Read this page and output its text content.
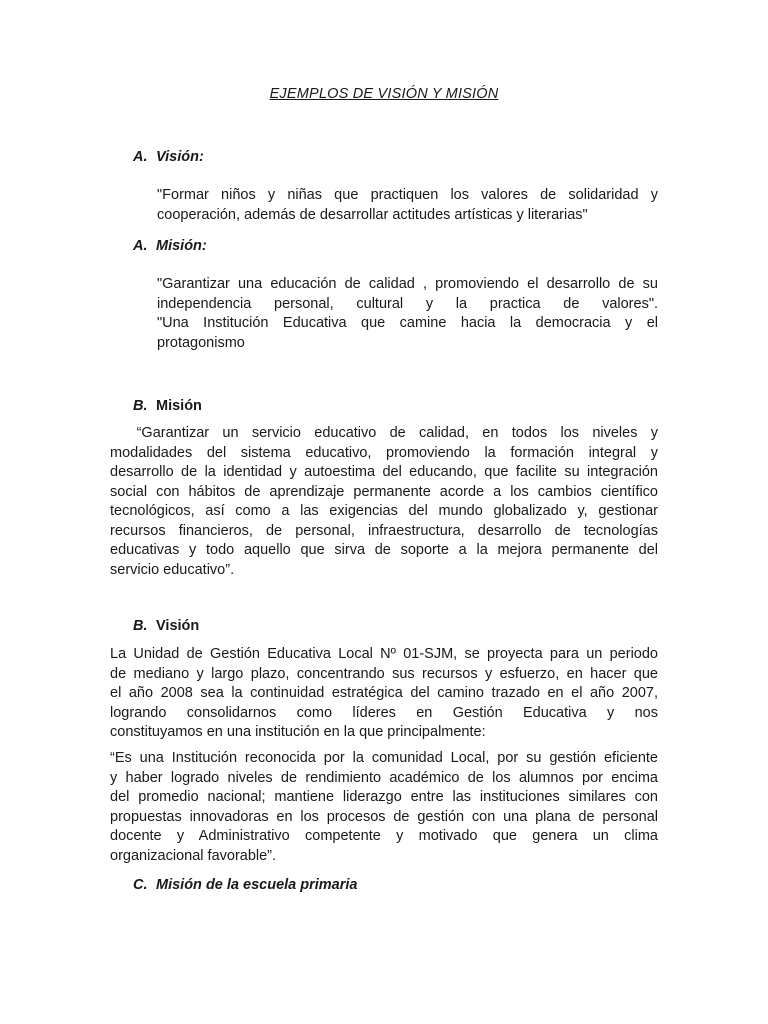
EJEMPLOS DE VISIÓN Y MISIÓN
A. Visión:
"Formar niños y niñas que practiquen los valores de solidaridad y
cooperación, además de desarrollar actitudes artísticas y literarias"
A. Misión:
"Garantizar una educación de calidad , promoviendo el desarrollo de su
independencia personal, cultural y la practica de valores".
"Una Institución Educativa que camine hacia la democracia y el
protagonismo
B. Misión
“Garantizar un servicio educativo de calidad, en todos los niveles y
modalidades del sistema educativo, promoviendo la formación integral y
desarrollo de la identidad y autoestima del educando, que facilite su integración
social con hábitos de aprendizaje permanente acorde a los cambios científico
tecnológicos, así como a las exigencias del mundo globalizado y, gestionar
recursos financieros, de personal, infraestructura, desarrollo de tecnologías
educativas y todo aquello que sirva de soporte a la mejora permanente del
servicio educativo”.
B. Visión
La Unidad de Gestión Educativa Local Nº 01-SJM, se proyecta para un periodo
de mediano y largo plazo, concentrando sus recursos y esfuerzo, en hacer que
el año 2008 sea la continuidad estratégica del camino trazado en el año 2007,
logrando consolidarnos como líderes en Gestión Educativa y nos
constituyamos en una institución en la que principalmente:
“Es una Institución reconocida por la comunidad Local, por su gestión eficiente
y haber logrado niveles de rendimiento académico de los alumnos por encima
del promedio nacional; mantiene liderazgo entre las instituciones similares con
propuestas innovadoras en los procesos de gestión con una plana de personal
docente y Administrativo competente y motivado que genera un clima
organizacional favorable”.
C. Misión de la escuela primaria
